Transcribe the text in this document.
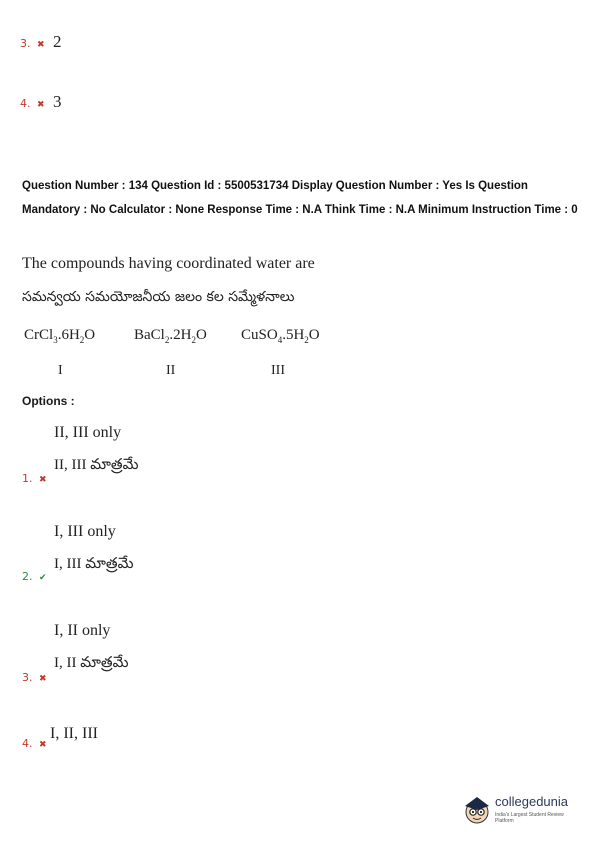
3. ✖ 2
4. ✖ 3
Question Number : 134 Question Id : 5500531734 Display Question Number : Yes Is Question Mandatory : No Calculator : None Response Time : N.A Think Time : N.A Minimum Instruction Time : 0
The compounds having coordinated water are
సమన్వయ సమయోజనీయ జలం కల సమ్మేళనాలు
$CrCl_3.6H_2O$	$BaCl_2.2H_2O$ $CuSO_4.5H_2O$
I	II	III
Options :
II, III only
II, III మాత్రమే
1. ✖
I, III only
I, III మాత్రమే
2. ✔
I, II only
I, II మాత్రమే
3. ✖
I, II, III
4. ✖
collegedunia
India's Largest Student Review Platform
